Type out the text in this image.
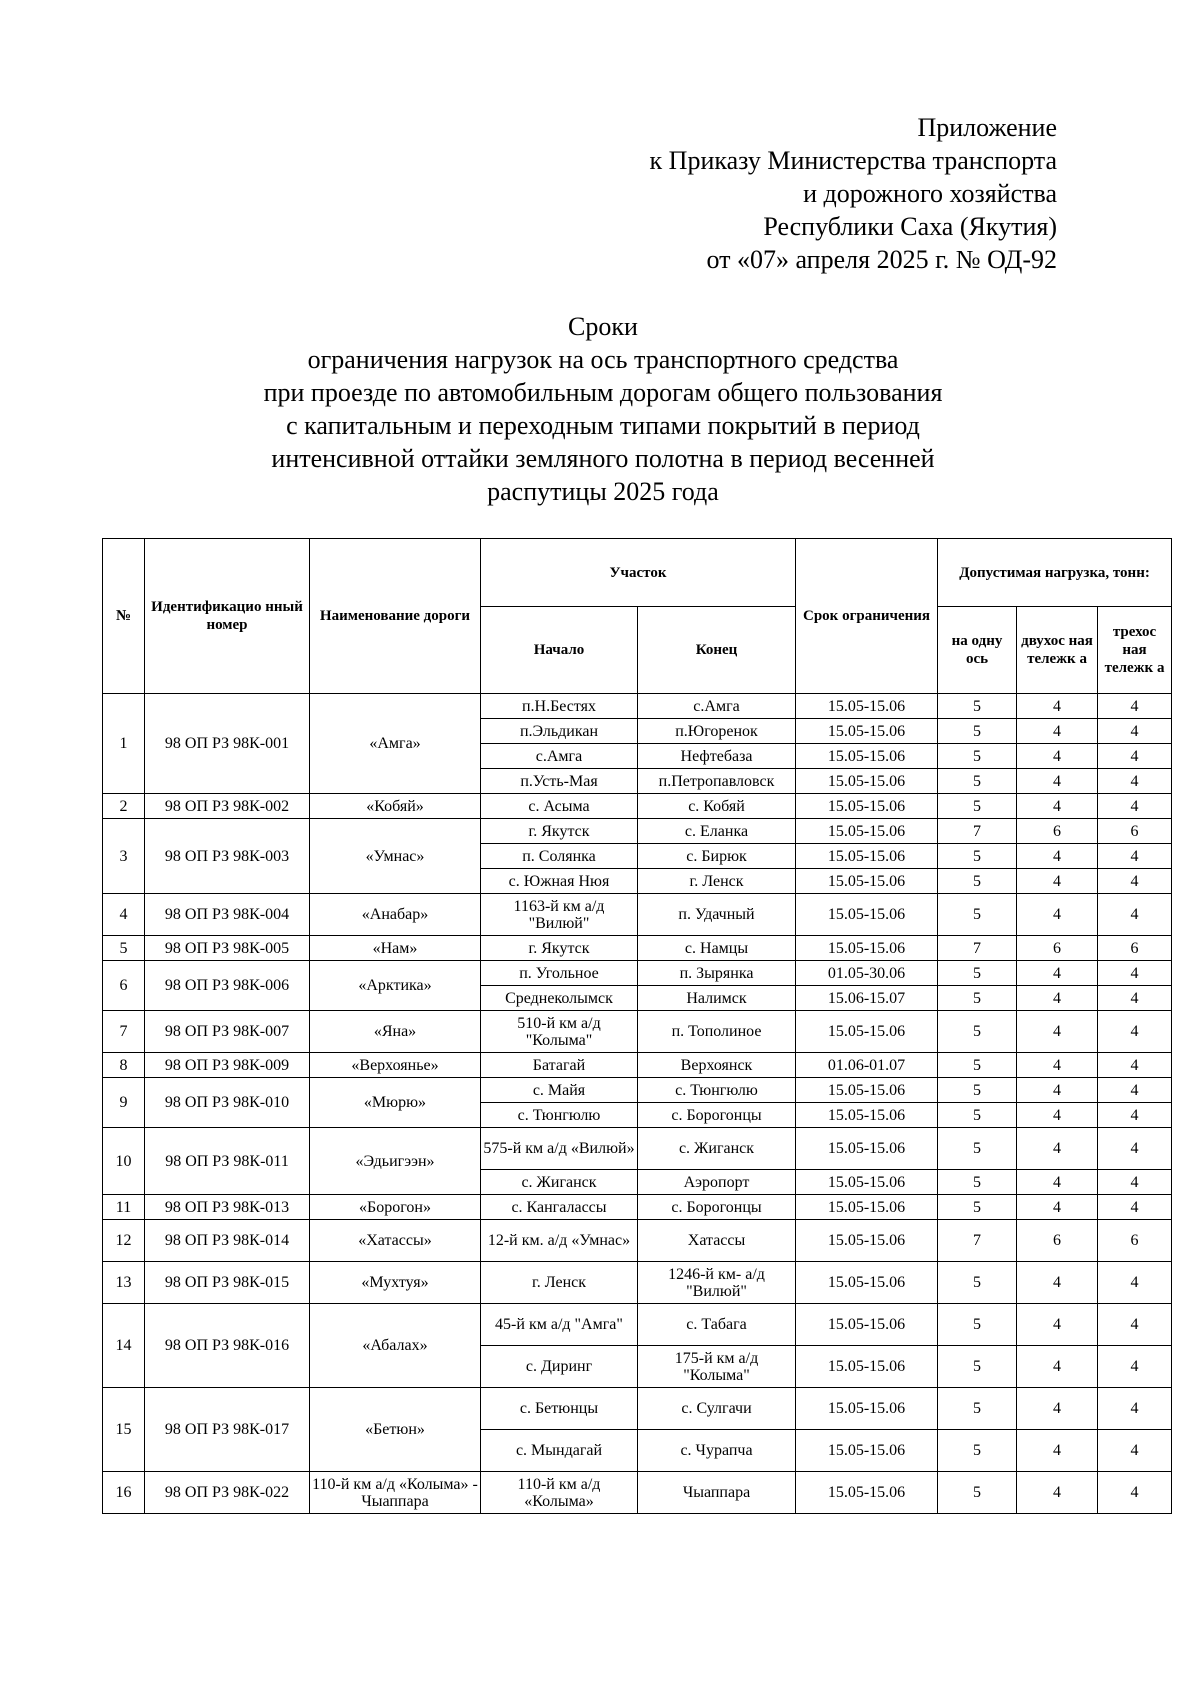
Приложение
к Приказу Министерства транспорта
и дорожного хозяйства
Республики Саха (Якутия)
от «07» апреля 2025 г. № ОД-92
Сроки
ограничения нагрузок на ось транспортного средства
при проезде по автомобильным дорогам общего пользования
с капитальным и переходным типами покрытий в период
интенсивной оттайки земляного полотна в период весенней
распутицы 2025 года
№	Идентификацио нный номер	Наименование дороги	Участок		Срок ограничения	Допустимая нагрузка, тонн:		
			Начало	Конец		на одну ось	двухос ная тележк а	трехос ная тележк а
1	98 ОП РЗ 98К-001	«Амга»	п.Н.Бестях	с.Амга	15.05-15.06	5	4	4
			п.Эльдикан	п.Югоренок	15.05-15.06	5	4	4
			с.Амга	Нефтебаза	15.05-15.06	5	4	4
			п.Усть-Мая	п.Петропавловск	15.05-15.06	5	4	4
2	98 ОП РЗ 98К-002	«Кобяй»	с. Асыма	с. Кобяй	15.05-15.06	5	4	4
3	98 ОП РЗ 98К-003	«Умнас»	г. Якутск	с. Еланка	15.05-15.06	7	6	6
			п. Солянка	с. Бирюк	15.05-15.06	5	4	4
			с. Южная Нюя	г. Ленск	15.05-15.06	5	4	4
4	98 ОП РЗ 98К-004	«Анабар»	1163-й км а/д "Вилюй"	п. Удачный	15.05-15.06	5	4	4
5	98 ОП РЗ 98К-005	«Нам»	г. Якутск	с. Намцы	15.05-15.06	7	6	6
6	98 ОП РЗ 98К-006	«Арктика»	п. Угольное	п. Зырянка	01.05-30.06	5	4	4
			Среднеколымск	Налимск	15.06-15.07	5	4	4
7	98 ОП РЗ 98К-007	«Яна»	510-й км а/д "Колыма"	п. Тополиное	15.05-15.06	5	4	4
8	98 ОП РЗ 98К-009	«Верхоянье»	Батагай	Верхоянск	01.06-01.07	5	4	4
9	98 ОП РЗ 98К-010	«Мюрю»	с. Майя	с. Тюнгюлю	15.05-15.06	5	4	4
			с. Тюнгюлю	с. Борогонцы	15.05-15.06	5	4	4
10	98 ОП РЗ 98К-011	«Эдьигээн»	575-й км а/д «Вилюй»	с. Жиганск	15.05-15.06	5	4	4
			с. Жиганск	Аэропорт	15.05-15.06	5	4	4
11	98 ОП РЗ 98К-013	«Борогон»	с. Кангалассы	с. Борогонцы	15.05-15.06	5	4	4
12	98 ОП РЗ 98К-014	«Хатассы»	12-й км. а/д «Умнас»	Хатассы	15.05-15.06	7	6	6
13	98 ОП РЗ 98К-015	«Мухтуя»	г. Ленск	1246-й км- а/д "Вилюй"	15.05-15.06	5	4	4
14	98 ОП РЗ 98К-016	«Абалах»	45-й км а/д "Амга"	с. Табага	15.05-15.06	5	4	4
			с. Диринг	175-й км а/д "Колыма"	15.05-15.06	5	4	4
15	98 ОП РЗ 98К-017	«Бетюн»	с. Бетюнцы	с. Сулгачи	15.05-15.06	5	4	4
			с. Мындагай	с. Чурапча	15.05-15.06	5	4	4
16	98 ОП РЗ 98К-022	110-й км а/д «Колыма» - Чыаппара	110-й км а/д «Колыма»	Чыаппара	15.05-15.06	5	4	4
